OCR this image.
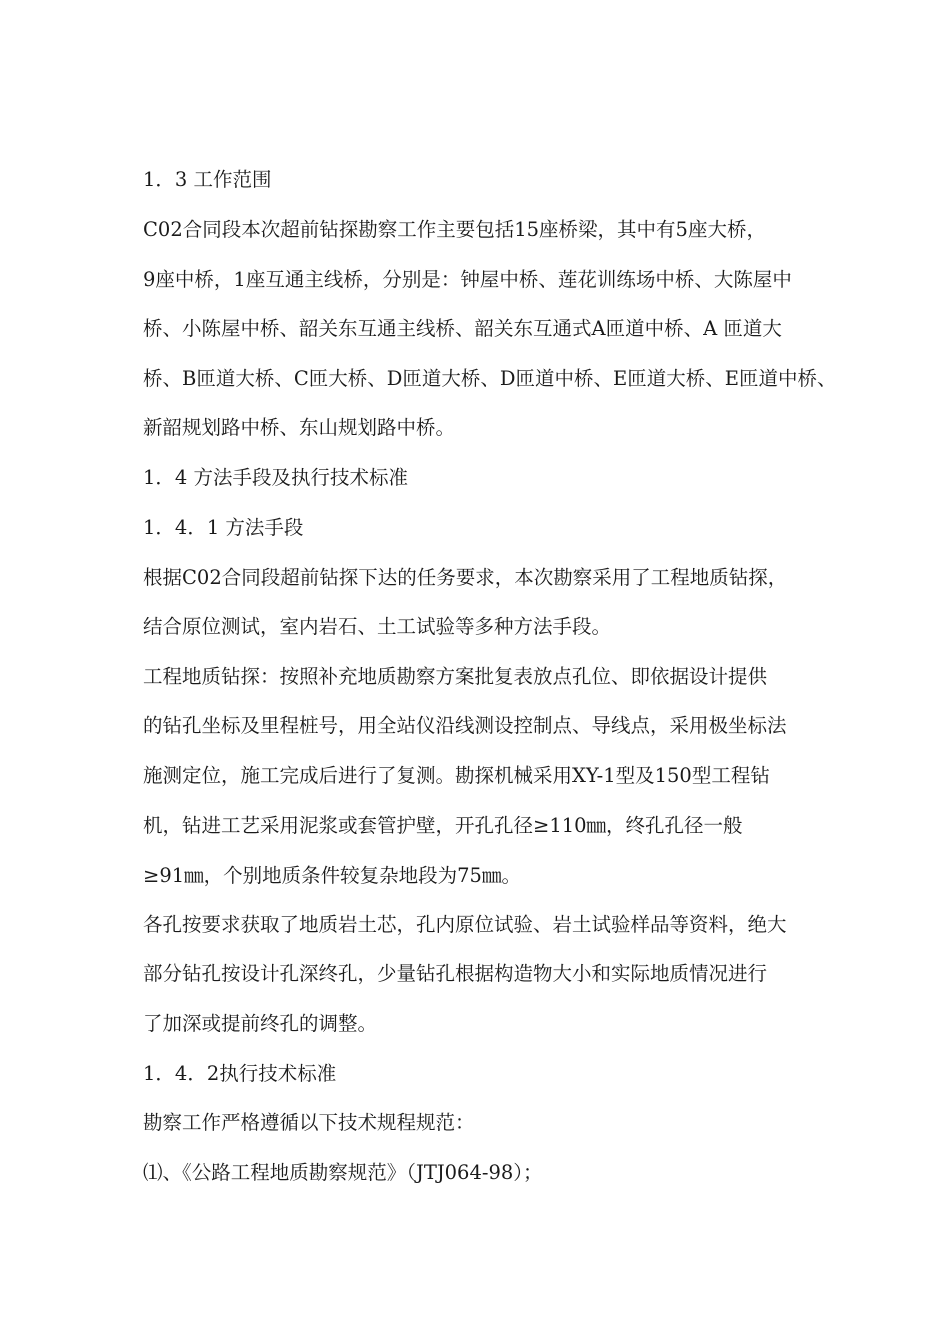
1．3 工作范围
C02合同段本次超前钻探勘察工作主要包括15座桥梁，其中有5座大桥，
9座中桥，1座互通主线桥，分别是：钟屋中桥、莲花训练场中桥、大陈屋中
桥、小陈屋中桥、韶关东互通主线桥、韶关东互通式A匝道中桥、A 匝道大
桥、B匝道大桥、C匝大桥、D匝道大桥、D匝道中桥、E匝道大桥、E匝道中桥、
新韶规划路中桥、东山规划路中桥。
1．4 方法手段及执行技术标准
1．4．1 方法手段
根据C02合同段超前钻探下达的任务要求，本次勘察采用了工程地质钻探，
结合原位测试，室内岩石、土工试验等多种方法手段。
工程地质钻探：按照补充地质勘察方案批复表放点孔位、即依据设计提供
的钻孔坐标及里程桩号，用全站仪沿线测设控制点、导线点，采用极坐标法
施测定位，施工完成后进行了复测。勘探机械采用XY-1型及150型工程钻
机，钻进工艺采用泥浆或套管护壁，开孔孔径≥110㎜，终孔孔径一般
≥91㎜，个别地质条件较复杂地段为75㎜。
各孔按要求获取了地质岩土芯，孔内原位试验、岩土试验样品等资料，绝大
部分钻孔按设计孔深终孔，少量钻孔根据构造物大小和实际地质情况进行
了加深或提前终孔的调整。
1．4．2执行技术标准
勘察工作严格遵循以下技术规程规范：
⑴、《公路工程地质勘察规范》（JTJ064-98）；
